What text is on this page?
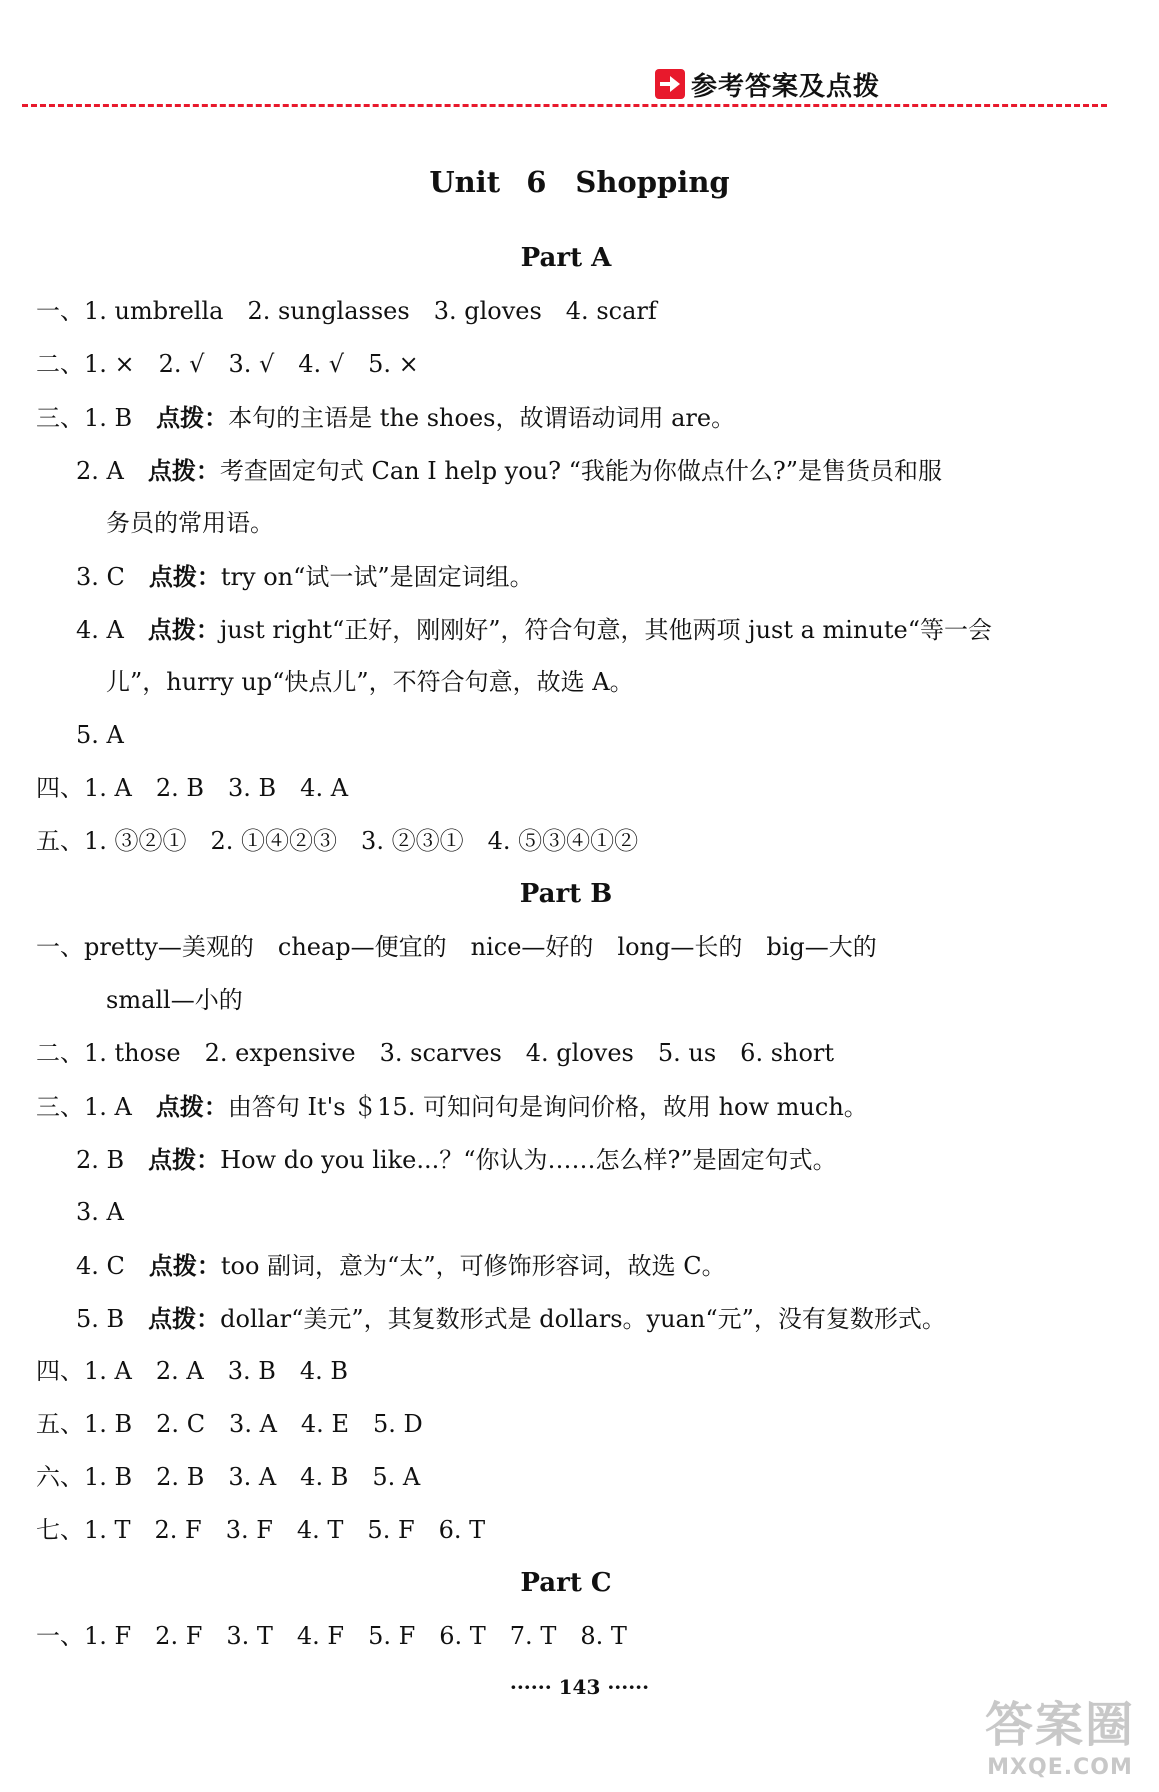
参考答案及点拨
Unit 6　Shopping
Part A
一、1. umbrella　2. sunglasses　3. gloves　4. scarf
二、1. ×　2. √　3. √　4. √　5. ×
三、1. B 点拨：本句的主语是 the shoes，故谓语动词用 are。
2. A 点拨：考查固定句式 Can I help you? “我能为你做点什么?”是售货员和服
务员的常用语。
3. C 点拨：try on“试一试”是固定词组。
4. A 点拨：just right“正好，刚刚好”，符合句意，其他两项 just a minute“等一会
儿”，hurry up“快点儿”，不符合句意，故选 A。
5. A
四、1. A　2. B　3. B　4. A
五、1. ③②①　2. ①④②③　3. ②③①　4. ⑤③④①②
Part B
一、pretty—美观的　cheap—便宜的　nice—好的　long—长的　big—大的
small—小的
二、1. those　2. expensive　3. scarves　4. gloves　5. us　6. short
三、1. A 点拨：由答句 It's ＄15. 可知问句是询问价格，故用 how much。
2. B 点拨：How do you like...？“你认为……怎么样?”是固定句式。
3. A
4. C 点拨：too 副词，意为“太”，可修饰形容词，故选 C。
5. B 点拨：dollar“美元”，其复数形式是 dollars。yuan“元”，没有复数形式。
四、1. A　2. A　3. B　4. B
五、1. B　2. C　3. A　4. E　5. D
六、1. B　2. B　3. A　4. B　5. A
七、1. T　2. F　3. F　4. T　5. F　6. T
Part C
一、1. F　2. F　3. T　4. F　5. F　6. T　7. T　8. T
······ 143 ······
答案圈
MXQE.COM
